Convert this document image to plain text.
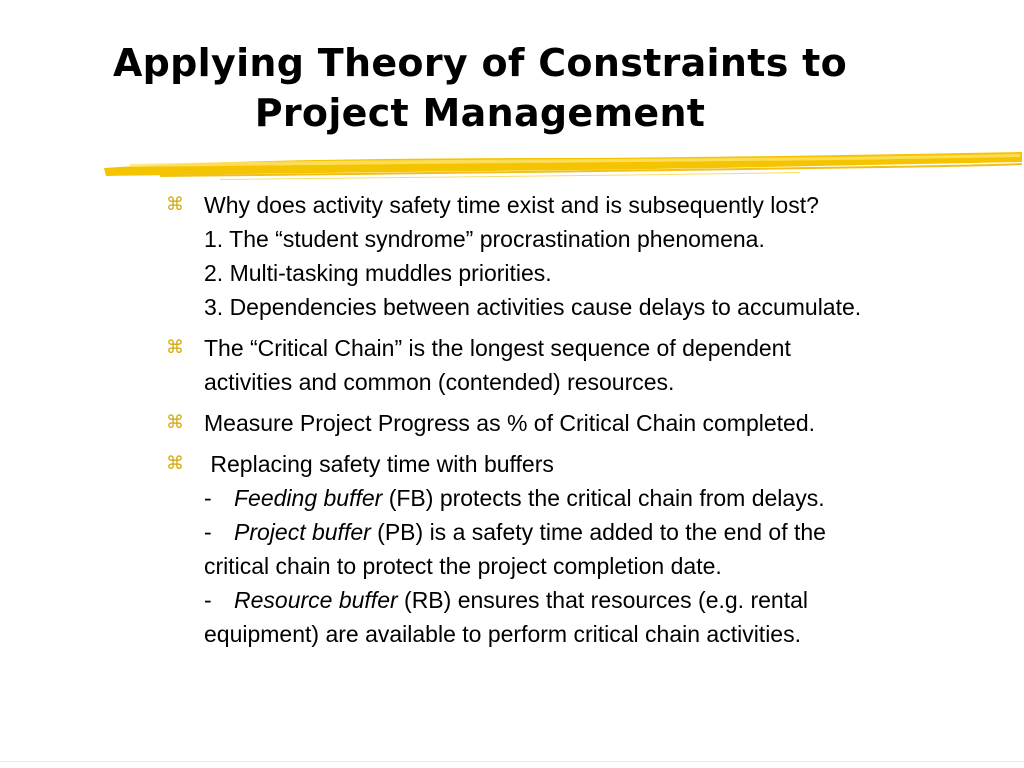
Applying Theory of Constraints to
Project Management
⌘ Why does activity safety time exist and is subsequently lost?
1. The “student syndrome” procrastination phenomena.
2. Multi-tasking muddles priorities.
3. Dependencies between activities cause delays to accumulate.
⌘ The “Critical Chain” is the longest sequence of dependent
activities and common (contended) resources.
⌘ Measure Project Progress as % of Critical Chain completed.
⌘ Replacing safety time with buffers
- Feeding buffer (FB) protects the critical chain from delays.
- Project buffer (PB) is a safety time added to the end of the
critical chain to protect the project completion date.
- Resource buffer (RB) ensures that resources (e.g. rental
equipment) are available to perform critical chain activities.
